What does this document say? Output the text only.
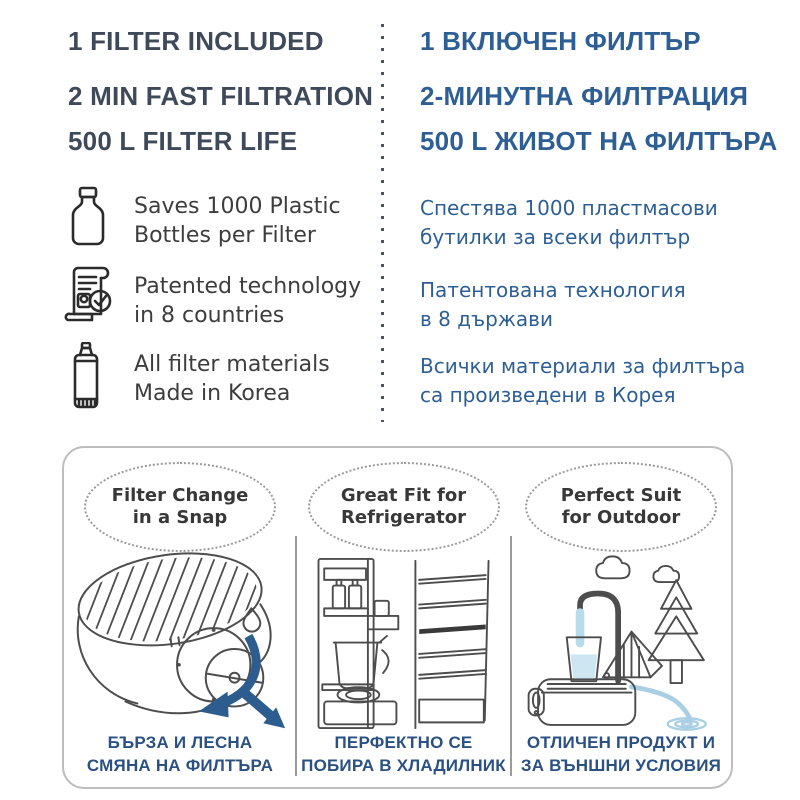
1 FILTER INCLUDED
2 MIN FAST FILTRATION
500 L FILTER LIFE
1 ВКЛЮЧЕН ФИЛТЪР
2-МИНУТНА ФИЛТРАЦИЯ
500 L ЖИВОТ НА ФИЛТЪРА
Saves 1000 Plastic
Bottles per Filter
Спестява 1000 пластмасови
бутилки за всеки филтър
Patented technology
in 8 countries
Патентована технология
в 8 държави
All filter materials
Made in Korea
Всички материали за филтъра
са произведени в Корея
Filter Change
in a Snap
БЪРЗА И ЛЕСНА
СМЯНА НА ФИЛТЪРА
Great Fit for
Refrigerator
ПЕРФЕКТНО СЕ
ПОБИРА В ХЛАДИЛНИК
Perfect Suit
for Outdoor
ОТЛИЧЕН ПРОДУКТ И
ЗА ВЪНШНИ УСЛОВИЯ
